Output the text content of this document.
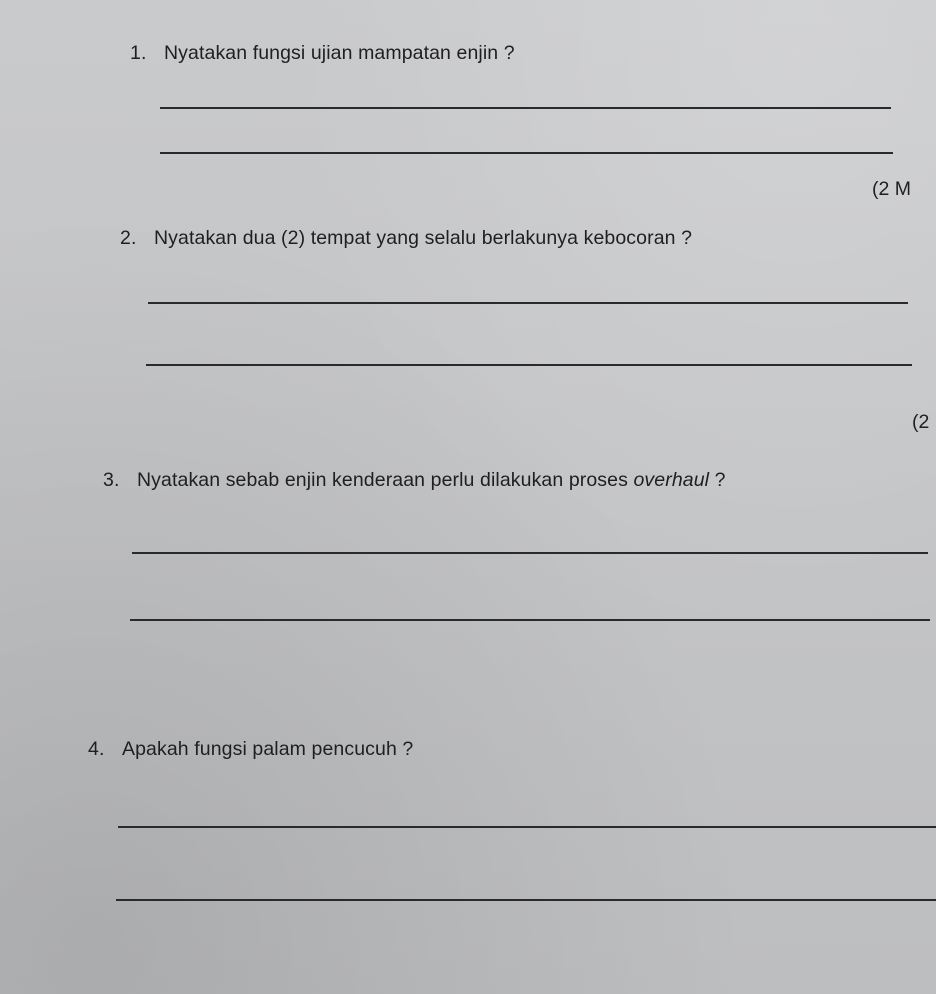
1. Nyatakan fungsi ujian mampatan enjin ?
(2 M
2. Nyatakan dua (2) tempat yang selalu berlakunya kebocoran ?
(2
3. Nyatakan sebab enjin kenderaan perlu dilakukan proses overhaul ?
4. Apakah fungsi palam pencucuh ?
